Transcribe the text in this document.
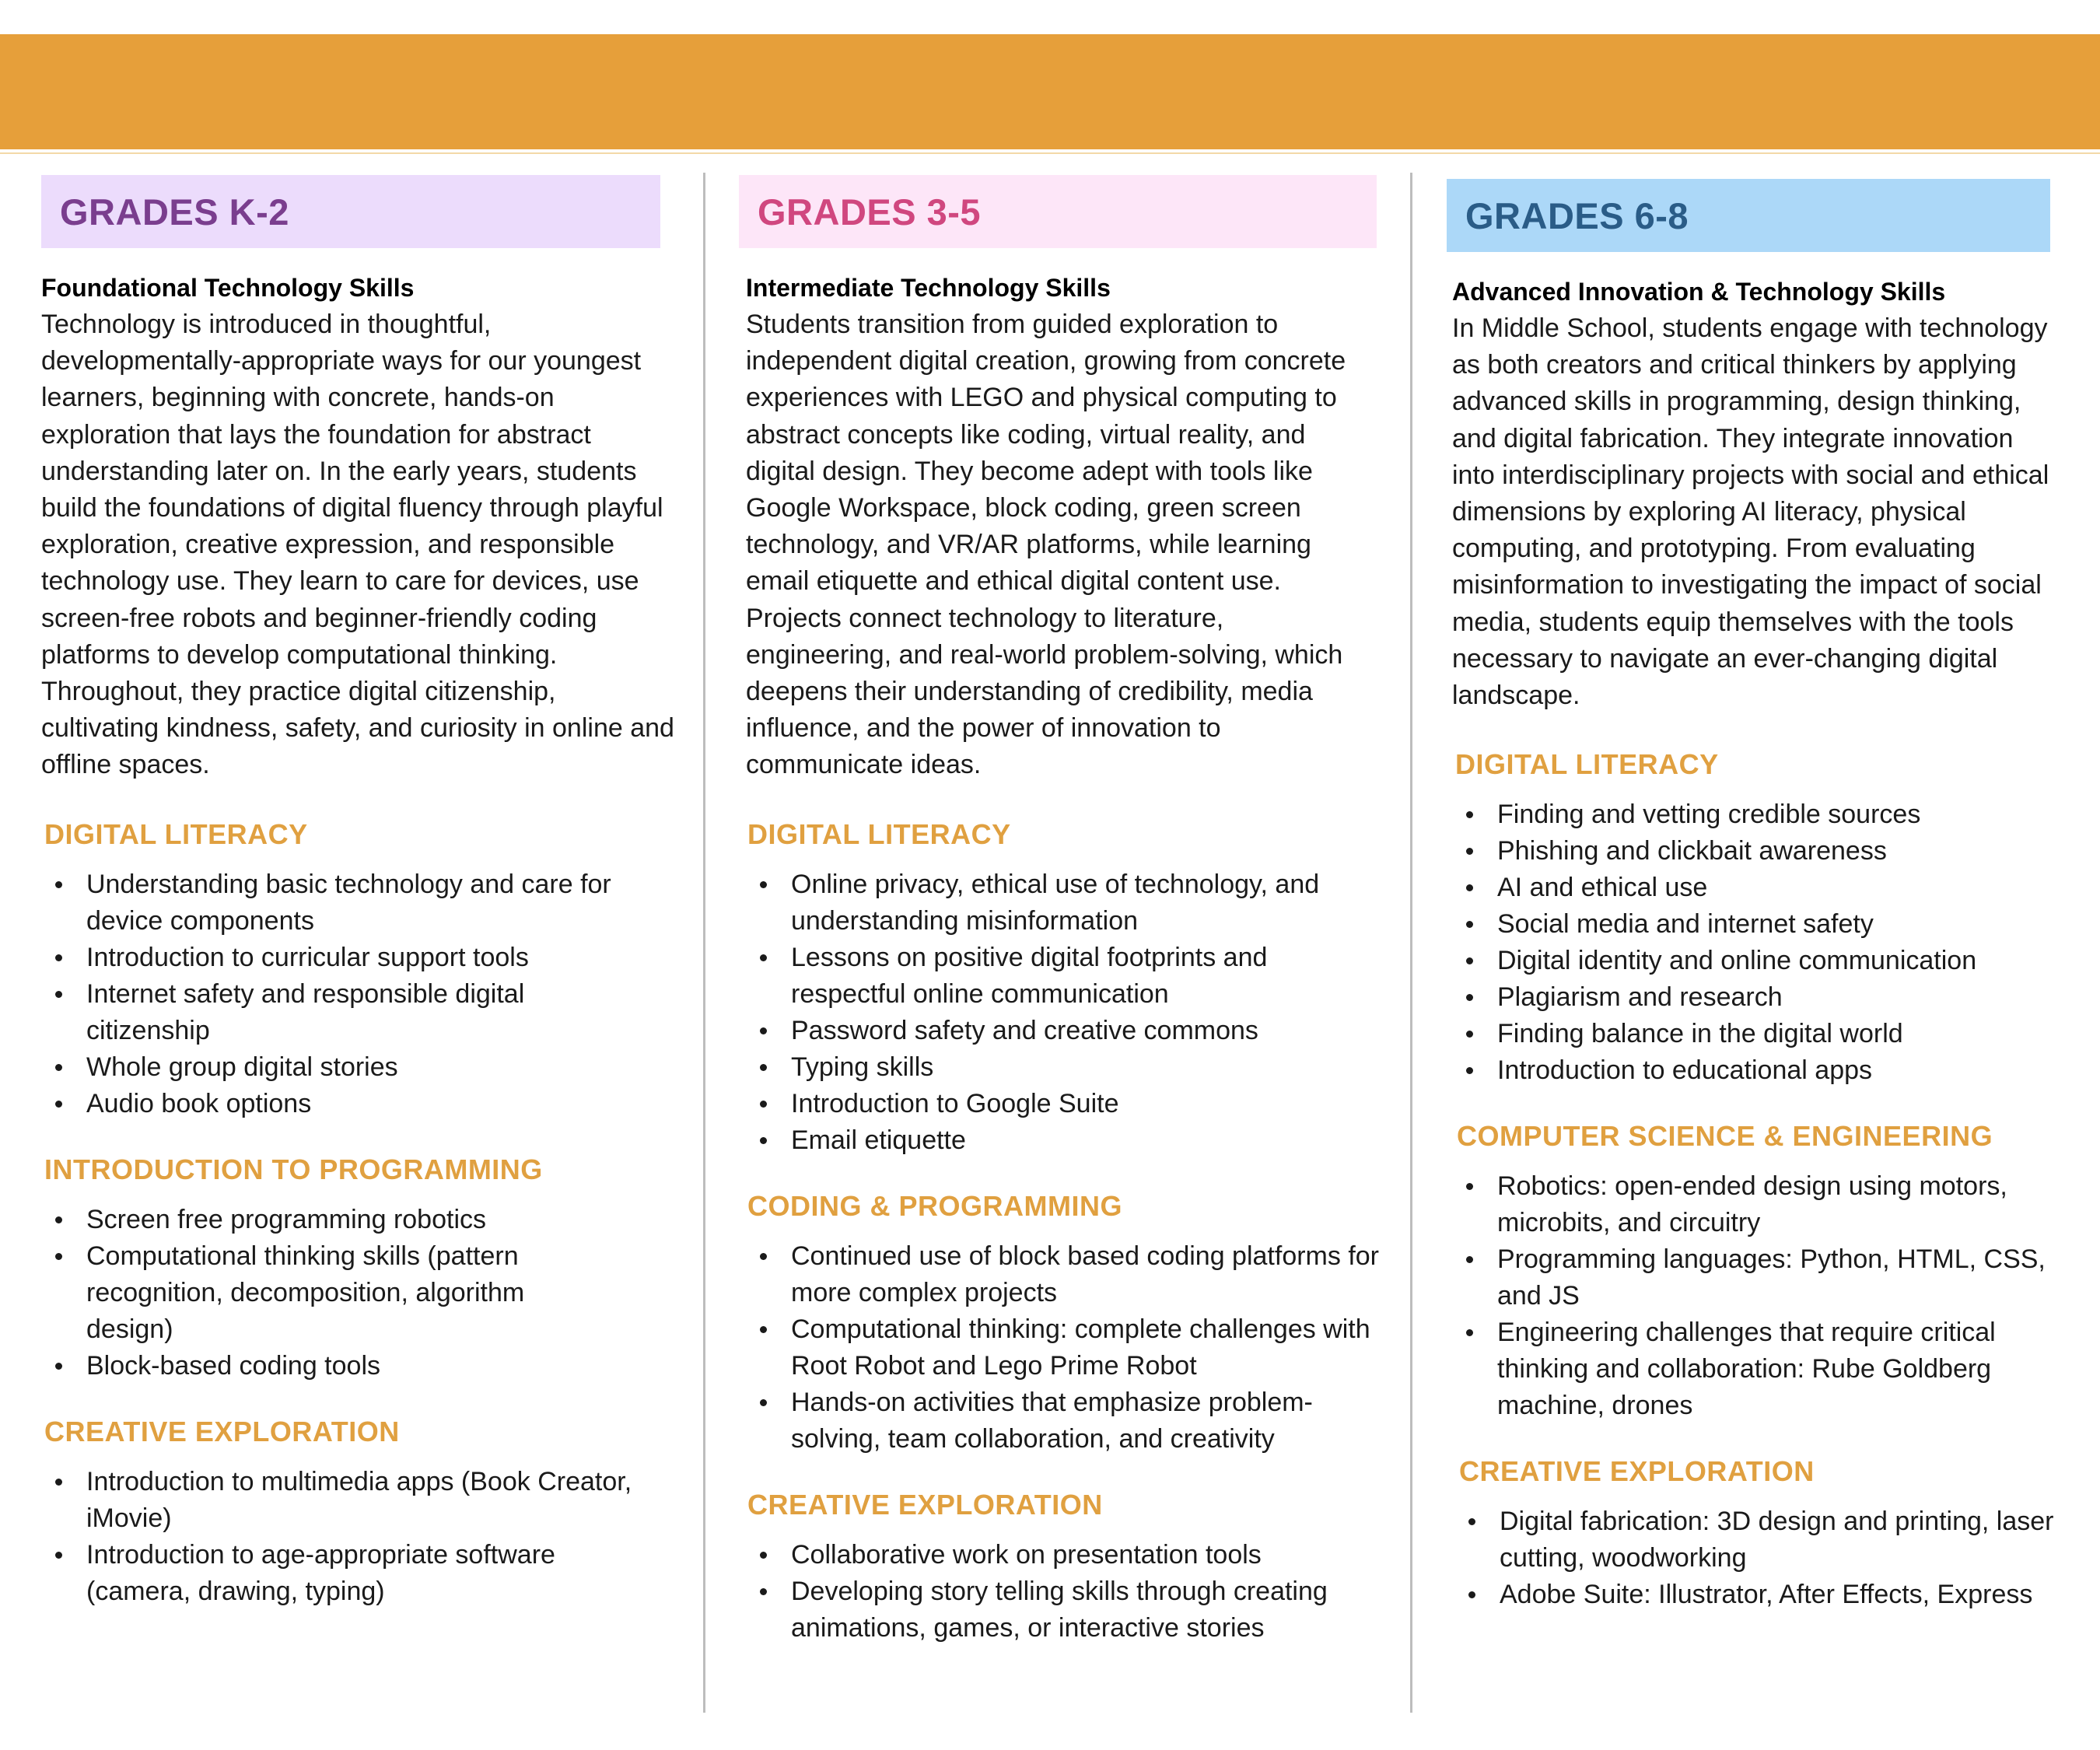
GRADES K-2
Foundational Technology Skills

Technology is introduced in thoughtful, developmentally-appropriate ways for our youngest learners, beginning with concrete, hands-on exploration that lays the foundation for abstract understanding later on. In the early years, students build the foundations of digital fluency through playful exploration, creative expression, and responsible technology use. They learn to care for devices, use screen-free robots and beginner-friendly coding platforms to develop computational thinking. Throughout, they practice digital citizenship, cultivating kindness, safety, and curiosity in online and offline spaces.

DIGITAL LITERACY
Understanding basic technology and care for device components
Introduction to curricular support tools
Internet safety and responsible digital citizenship
Whole group digital stories
Audio book options
INTRODUCTION TO PROGRAMMING
Screen free programming robotics
Computational thinking skills (pattern recognition, decomposition, algorithm design)
Block-based coding tools
CREATIVE EXPLORATION
Introduction to multimedia apps (Book Creator, iMovie)
Introduction to age-appropriate software (camera, drawing, typing)
GRADES 3-5
Intermediate Technology Skills

Students transition from guided exploration to independent digital creation, growing from concrete experiences with LEGO and physical computing to abstract concepts like coding, virtual reality, and digital design. They become adept with tools like Google Workspace, block coding, green screen technology, and VR/AR platforms, while learning email etiquette and ethical digital content use. Projects connect technology to literature, engineering, and real-world problem-solving, which deepens their understanding of credibility, media influence, and the power of innovation to communicate ideas.

DIGITAL LITERACY
Online privacy, ethical use of technology, and understanding misinformation
Lessons on positive digital footprints and respectful online communication
Password safety and creative commons
Typing skills
Introduction to Google Suite
Email etiquette
CODING & PROGRAMMING
Continued use of block based coding platforms for more complex projects
Computational thinking: complete challenges with Root Robot and Lego Prime Robot
Hands-on activities that emphasize problem-solving, team collaboration, and creativity
CREATIVE EXPLORATION
Collaborative work on presentation tools
Developing story telling skills through creating animations, games, or interactive stories
GRADES 6-8
Advanced Innovation & Technology Skills

In Middle School, students engage with technology as both creators and critical thinkers by applying advanced skills in programming, design thinking, and digital fabrication. They integrate innovation into interdisciplinary projects with social and ethical dimensions by exploring AI literacy, physical computing, and prototyping. From evaluating misinformation to investigating the impact of social media, students equip themselves with the tools necessary to navigate an ever-changing digital landscape.

DIGITAL LITERACY
Finding and vetting credible sources
Phishing and clickbait awareness
AI and ethical use
Social media and internet safety
Digital identity and online communication
Plagiarism and research
Finding balance in the digital world
Introduction to educational apps
COMPUTER SCIENCE & ENGINEERING
Robotics: open-ended design using motors, microbits, and circuitry
Programming languages: Python, HTML, CSS, and JS
Engineering challenges that require critical thinking and collaboration: Rube Goldberg machine, drones
CREATIVE EXPLORATION
Digital fabrication: 3D design and printing, laser cutting, woodworking
Adobe Suite: Illustrator, After Effects, Express
